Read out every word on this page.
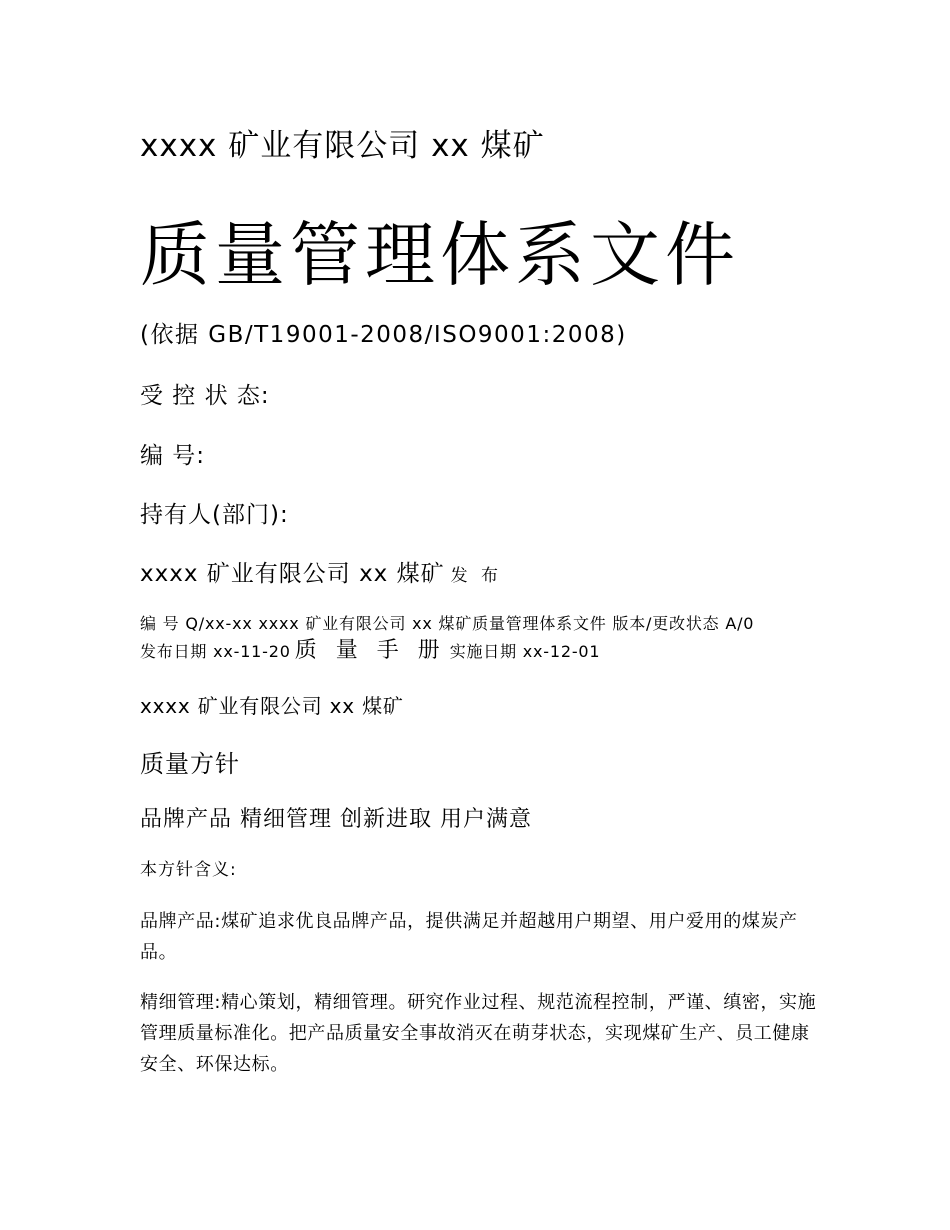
xxxx 矿业有限公司 xx 煤矿
质量管理体系文件
(依据 GB/T19001-2008/ISO9001:2008)
受 控 状 态:
编 号:
持有人(部门):
xxxx 矿业有限公司 xx 煤矿 发 布
编 号 Q/xx-xx xxxx 矿业有限公司 xx 煤矿质量管理体系文件 版本/更改状态 A/0
发布日期 xx-11-20 质 量 手 册 实施日期 xx-12-01
xxxx 矿业有限公司 xx 煤矿
质量方针
品牌产品 精细管理 创新进取 用户满意
本方针含义:

品牌产品:煤矿追求优良品牌产品，提供满足并超越用户期望、用户爱用的煤炭产品。

精细管理:精心策划，精细管理。研究作业过程、规范流程控制，严谨、缜密，实施管理质量标准化。把产品质量安全事故消灭在萌芽状态，实现煤矿生产、员工健康安全、环保达标。
